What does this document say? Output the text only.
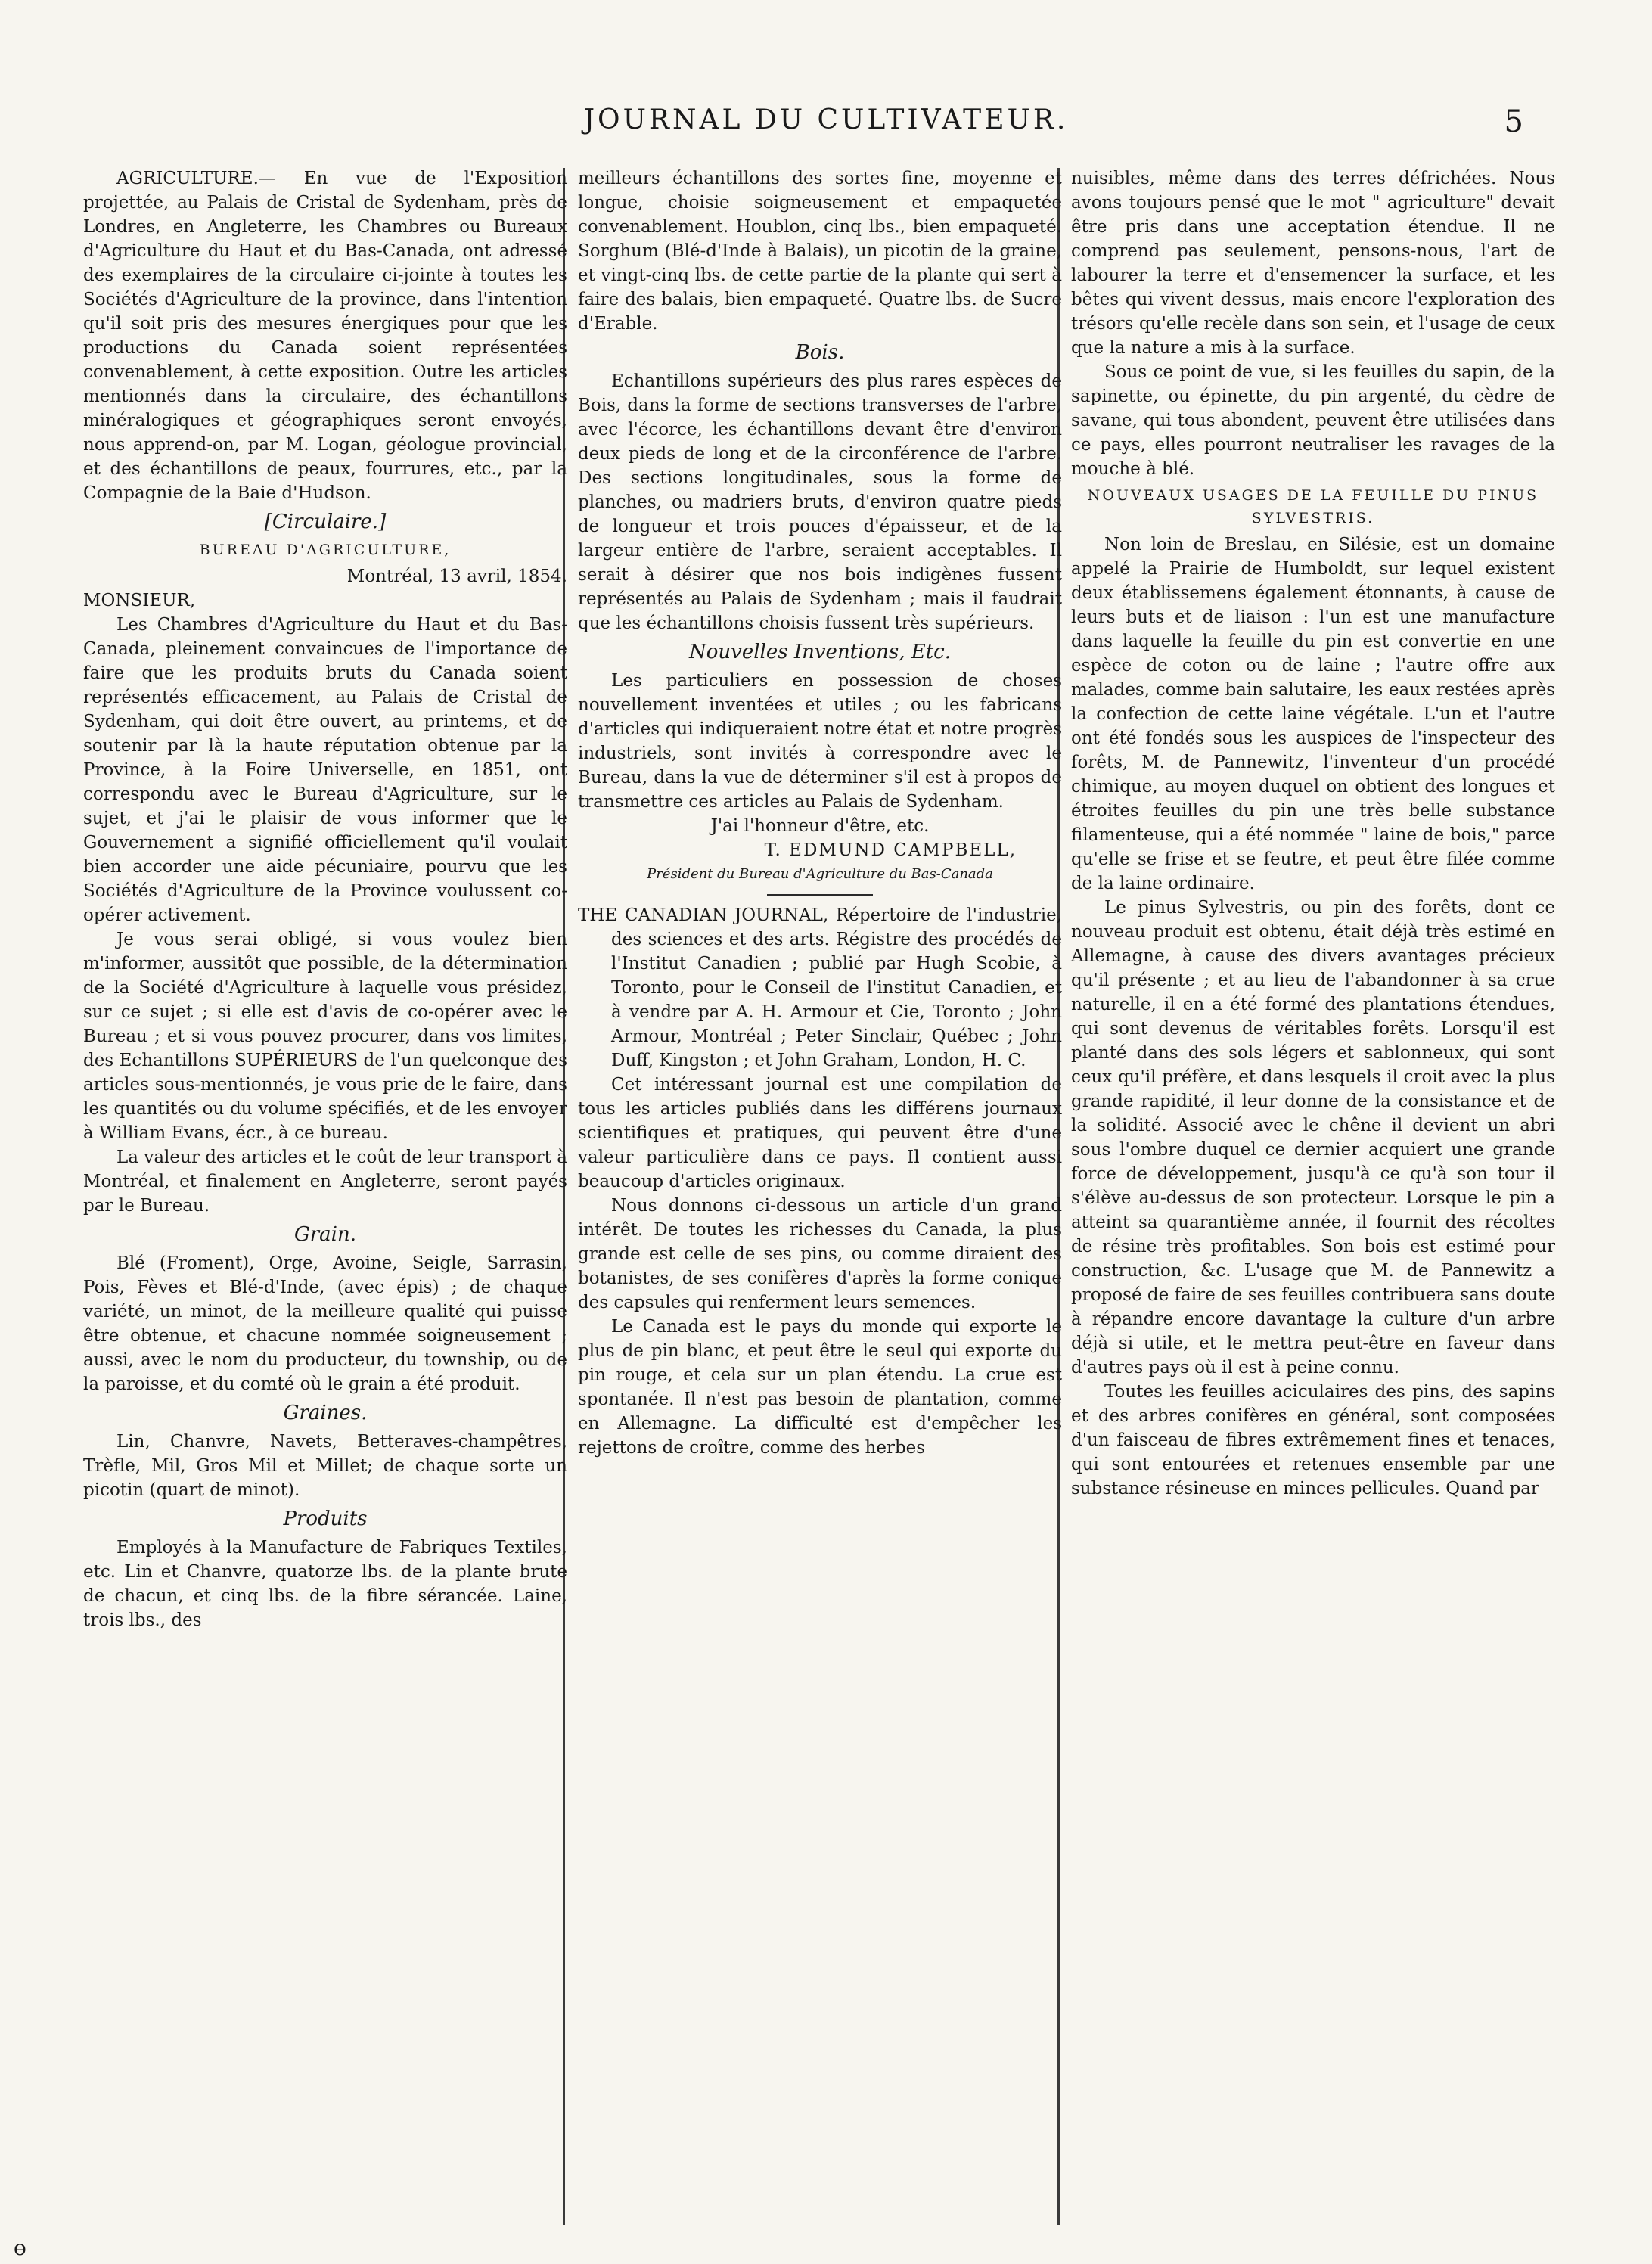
JOURNAL DU CULTIVATEUR.	5

AGRICULTURE.— En vue de l'Exposition projettée, au Palais de Cristal de Sydenham, près de Londres, en Angleterre, les Chambres ou Bureaux d'Agriculture du Haut et du Bas-Canada, ont adressé des exemplaires de la circulaire ci-jointe à toutes les Sociétés d'Agriculture de la province, dans l'intention qu'il soit pris des mesures énergiques pour que les productions du Canada soient représentées convenablement, à cette exposition. Outre les articles mentionnés dans la circulaire, des échantillons minéralogiques et géographiques seront envoyés, nous apprend-on, par M. Logan, géologue provincial, et des échantillons de peaux, fourrures, etc., par la Compagnie de la Baie d'Hudson.

[Circulaire.]
BUREAU D'AGRICULTURE,
Montréal, 13 avril, 1854.
MONSIEUR,

Les Chambres d'Agriculture du Haut et du Bas-Canada, pleinement convaincues de l'importance de faire que les produits bruts du Canada soient représentés efficacement, au Palais de Cristal de Sydenham, qui doit être ouvert, au printems, et de soutenir par là la haute réputation obtenue par la Province, à la Foire Universelle, en 1851, ont correspondu avec le Bureau d'Agriculture, sur le sujet, et j'ai le plaisir de vous informer que le Gouvernement a signifié officiellement qu'il voulait bien accorder une aide pécuniaire, pourvu que les Sociétés d'Agriculture de la Province voulussent co-opérer activement.

Je vous serai obligé, si vous voulez bien m'informer, aussitôt que possible, de la détermination de la Société d'Agriculture à laquelle vous présidez, sur ce sujet ; si elle est d'avis de co-opérer avec le Bureau ; et si vous pouvez procurer, dans vos limites, des Echantillons SUPÉRIEURS de l'un quelconque des articles sous-mentionnés, je vous prie de le faire, dans les quantités ou du volume spécifiés, et de les envoyer à William Evans, écr., à ce bureau.

La valeur des articles et le coût de leur transport à Montréal, et finalement en Angleterre, seront payés par le Bureau.

Grain.

Blé (Froment), Orge, Avoine, Seigle, Sarrasin, Pois, Fèves et Blé-d'Inde, (avec épis) ; de chaque variété, un minot, de la meilleure qualité qui puisse être obtenue, et chacune nommée soigneusement ; aussi, avec le nom du producteur, du township, ou de la paroisse, et du comté où le grain a été produit.

Graines.

Lin, Chanvre, Navets, Betteraves-champêtres, Trèfle, Mil, Gros Mil et Millet; de chaque sorte un picotin (quart de minot).

Produits

Employés à la Manufacture de Fabriques Textiles, etc. Lin et Chanvre, quatorze lbs. de la plante brute de chacun, et cinq lbs. de la fibre sérancée. Laine, trois lbs., des

meilleurs échantillons des sortes fine, moyenne et longue, choisie soigneusement et empaquetée convenablement. Houblon, cinq lbs., bien empaqueté. Sorghum (Blé-d'Inde à Balais), un picotin de la graine, et vingt-cinq lbs. de cette partie de la plante qui sert à faire des balais, bien empaqueté. Quatre lbs. de Sucre d'Erable.

Bois.

Echantillons supérieurs des plus rares espèces de Bois, dans la forme de sections transverses de l'arbre, avec l'écorce, les échantillons devant être d'environ deux pieds de long et de la circonférence de l'arbre. Des sections longitudinales, sous la forme de planches, ou madriers bruts, d'environ quatre pieds de longueur et trois pouces d'épaisseur, et de la largeur entière de l'arbre, seraient acceptables. Il serait à désirer que nos bois indigènes fussent représentés au Palais de Sydenham ; mais il faudrait que les échantillons choisis fussent très supérieurs.

Nouvelles Inventions, Etc.

Les particuliers en possession de choses nouvellement inventées et utiles ; ou les fabricans d'articles qui indiqueraient notre état et notre progrès industriels, sont invités à correspondre avec le Bureau, dans la vue de déterminer s'il est à propos de transmettre ces articles au Palais de Sydenham.

J'ai l'honneur d'être, etc.
T. EDMUND CAMPBELL,
Président du Bureau d'Agriculture du Bas-Canada

THE CANADIAN JOURNAL, Répertoire de l'industrie, des sciences et des arts. Régistre des procédés de l'Institut Canadien ; publié par Hugh Scobie, à Toronto, pour le Conseil de l'institut Canadien, et à vendre par A. H. Armour et Cie, Toronto ; John Armour, Montréal ; Peter Sinclair, Québec ; John Duff, Kingston ; et John Graham, London, H. C.

Cet intéressant journal est une compilation de tous les articles publiés dans les différens journaux scientifiques et pratiques, qui peuvent être d'une valeur particulière dans ce pays. Il contient aussi beaucoup d'articles originaux.

Nous donnons ci-dessous un article d'un grand intérêt. De toutes les richesses du Canada, la plus grande est celle de ses pins, ou comme diraient des botanistes, de ses conifères d'après la forme conique des capsules qui renferment leurs semences.

Le Canada est le pays du monde qui exporte le plus de pin blanc, et peut être le seul qui exporte du pin rouge, et cela sur un plan étendu. La crue est spontanée. Il n'est pas besoin de plantation, comme en Allemagne. La difficulté est d'empêcher les rejettons de croître, comme des herbes

nuisibles, même dans des terres défrichées. Nous avons toujours pensé que le mot " agriculture" devait être pris dans une acceptation étendue. Il ne comprend pas seulement, pensons-nous, l'art de labourer la terre et d'ensemencer la surface, et les bêtes qui vivent dessus, mais encore l'exploration des trésors qu'elle recèle dans son sein, et l'usage de ceux que la nature a mis à la surface.

Sous ce point de vue, si les feuilles du sapin, de la sapinette, ou épinette, du pin argenté, du cèdre de savane, qui tous abondent, peuvent être utilisées dans ce pays, elles pourront neutraliser les ravages de la mouche à blé.

NOUVEAUX USAGES DE LA FEUILLE DU PINUS SYLVESTRIS.

Non loin de Breslau, en Silésie, est un domaine appelé la Prairie de Humboldt, sur lequel existent deux établissemens également étonnants, à cause de leurs buts et de liaison : l'un est une manufacture dans laquelle la feuille du pin est convertie en une espèce de coton ou de laine ; l'autre offre aux malades, comme bain salutaire, les eaux restées après la confection de cette laine végétale. L'un et l'autre ont été fondés sous les auspices de l'inspecteur des forêts, M. de Pannewitz, l'inventeur d'un procédé chimique, au moyen duquel on obtient des longues et étroites feuilles du pin une très belle substance filamenteuse, qui a été nommée " laine de bois," parce qu'elle se frise et se feutre, et peut être filée comme de la laine ordinaire.

Le pinus Sylvestris, ou pin des forêts, dont ce nouveau produit est obtenu, était déjà très estimé en Allemagne, à cause des divers avantages précieux qu'il présente ; et au lieu de l'abandonner à sa crue naturelle, il en a été formé des plantations étendues, qui sont devenus de véritables forêts. Lorsqu'il est planté dans des sols légers et sablonneux, qui sont ceux qu'il préfère, et dans lesquels il croit avec la plus grande rapidité, il leur donne de la consistance et de la solidité. Associé avec le chêne il devient un abri sous l'ombre duquel ce dernier acquiert une grande force de développement, jusqu'à ce qu'à son tour il s'élève au-dessus de son protecteur. Lorsque le pin a atteint sa quarantième année, il fournit des récoltes de résine très profitables. Son bois est estimé pour construction, &c. L'usage que M. de Pannewitz a proposé de faire de ses feuilles contribuera sans doute à répandre encore davantage la culture d'un arbre déjà si utile, et le mettra peut-être en faveur dans d'autres pays où il est à peine connu.

Toutes les feuilles aciculaires des pins, des sapins et des arbres conifères en général, sont composées d'un faisceau de fibres extrêmement fines et tenaces, qui sont entourées et retenues ensemble par une substance résineuse en minces pellicules. Quand par

ɵ
